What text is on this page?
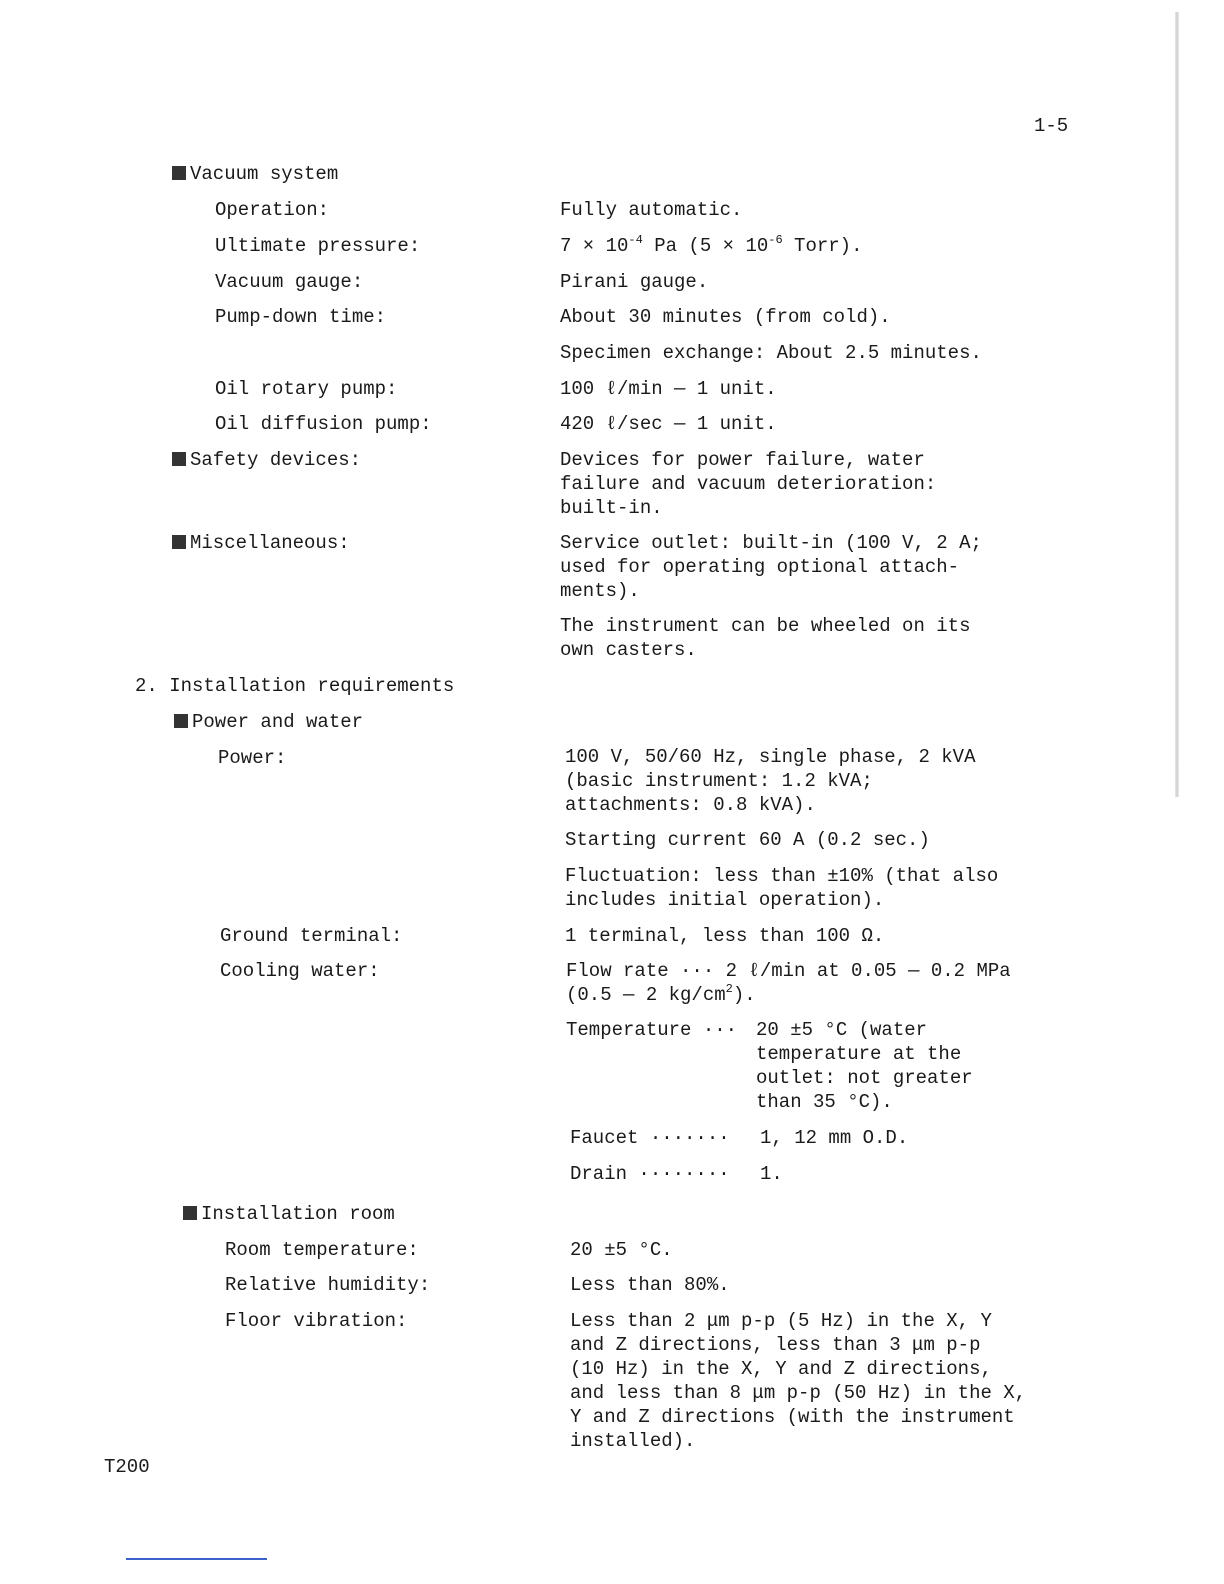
1-5
Vacuum system
Operation:	Fully automatic.
Ultimate pressure:	$7 \times 10^{-4}$ Pa ($5 \times 10^{-6}$ Torr).
Vacuum gauge:	Pirani gauge.
Pump-down time:	About 30 minutes (from cold).
Specimen exchange: About 2.5 minutes.
Oil rotary pump:	100 ℓ/min — 1 unit.
Oil diffusion pump:	420 ℓ/sec — 1 unit.
Safety devices:	Devices for power failure, water
failure and vacuum deterioration:
built-in.
Miscellaneous:	Service outlet: built-in (100 V, 2 A;
used for operating optional attach-
ments).
The instrument can be wheeled on its
own casters.
2. Installation requirements
Power and water
Power:	100 V, 50/60 Hz, single phase, 2 kVA
(basic instrument: 1.2 kVA;
attachments: 0.8 kVA).
Starting current 60 A (0.2 sec.)
Fluctuation: less than ±10% (that also
includes initial operation).
Ground terminal:	1 terminal, less than 100 Ω.
Cooling water:	Flow rate ··· 2 ℓ/min at 0.05 — 0.2 MPa
(0.5 — 2 $kg/cm^2$).
Temperature ··· 20 ±5 °C (water
temperature at the
outlet: not greater
than 35 °C).
Faucet ······· 1, 12 mm O.D.
Drain ········ 1.
Installation room
Room temperature:	20 ±5 °C.
Relative humidity:	Less than 80%.
Floor vibration:	Less than 2 μm p-p (5 Hz) in the X, Y
and Z directions, less than 3 μm p-p
(10 Hz) in the X, Y and Z directions,
and less than 8 μm p-p (50 Hz) in the X,
Y and Z directions (with the instrument
installed).
T200
